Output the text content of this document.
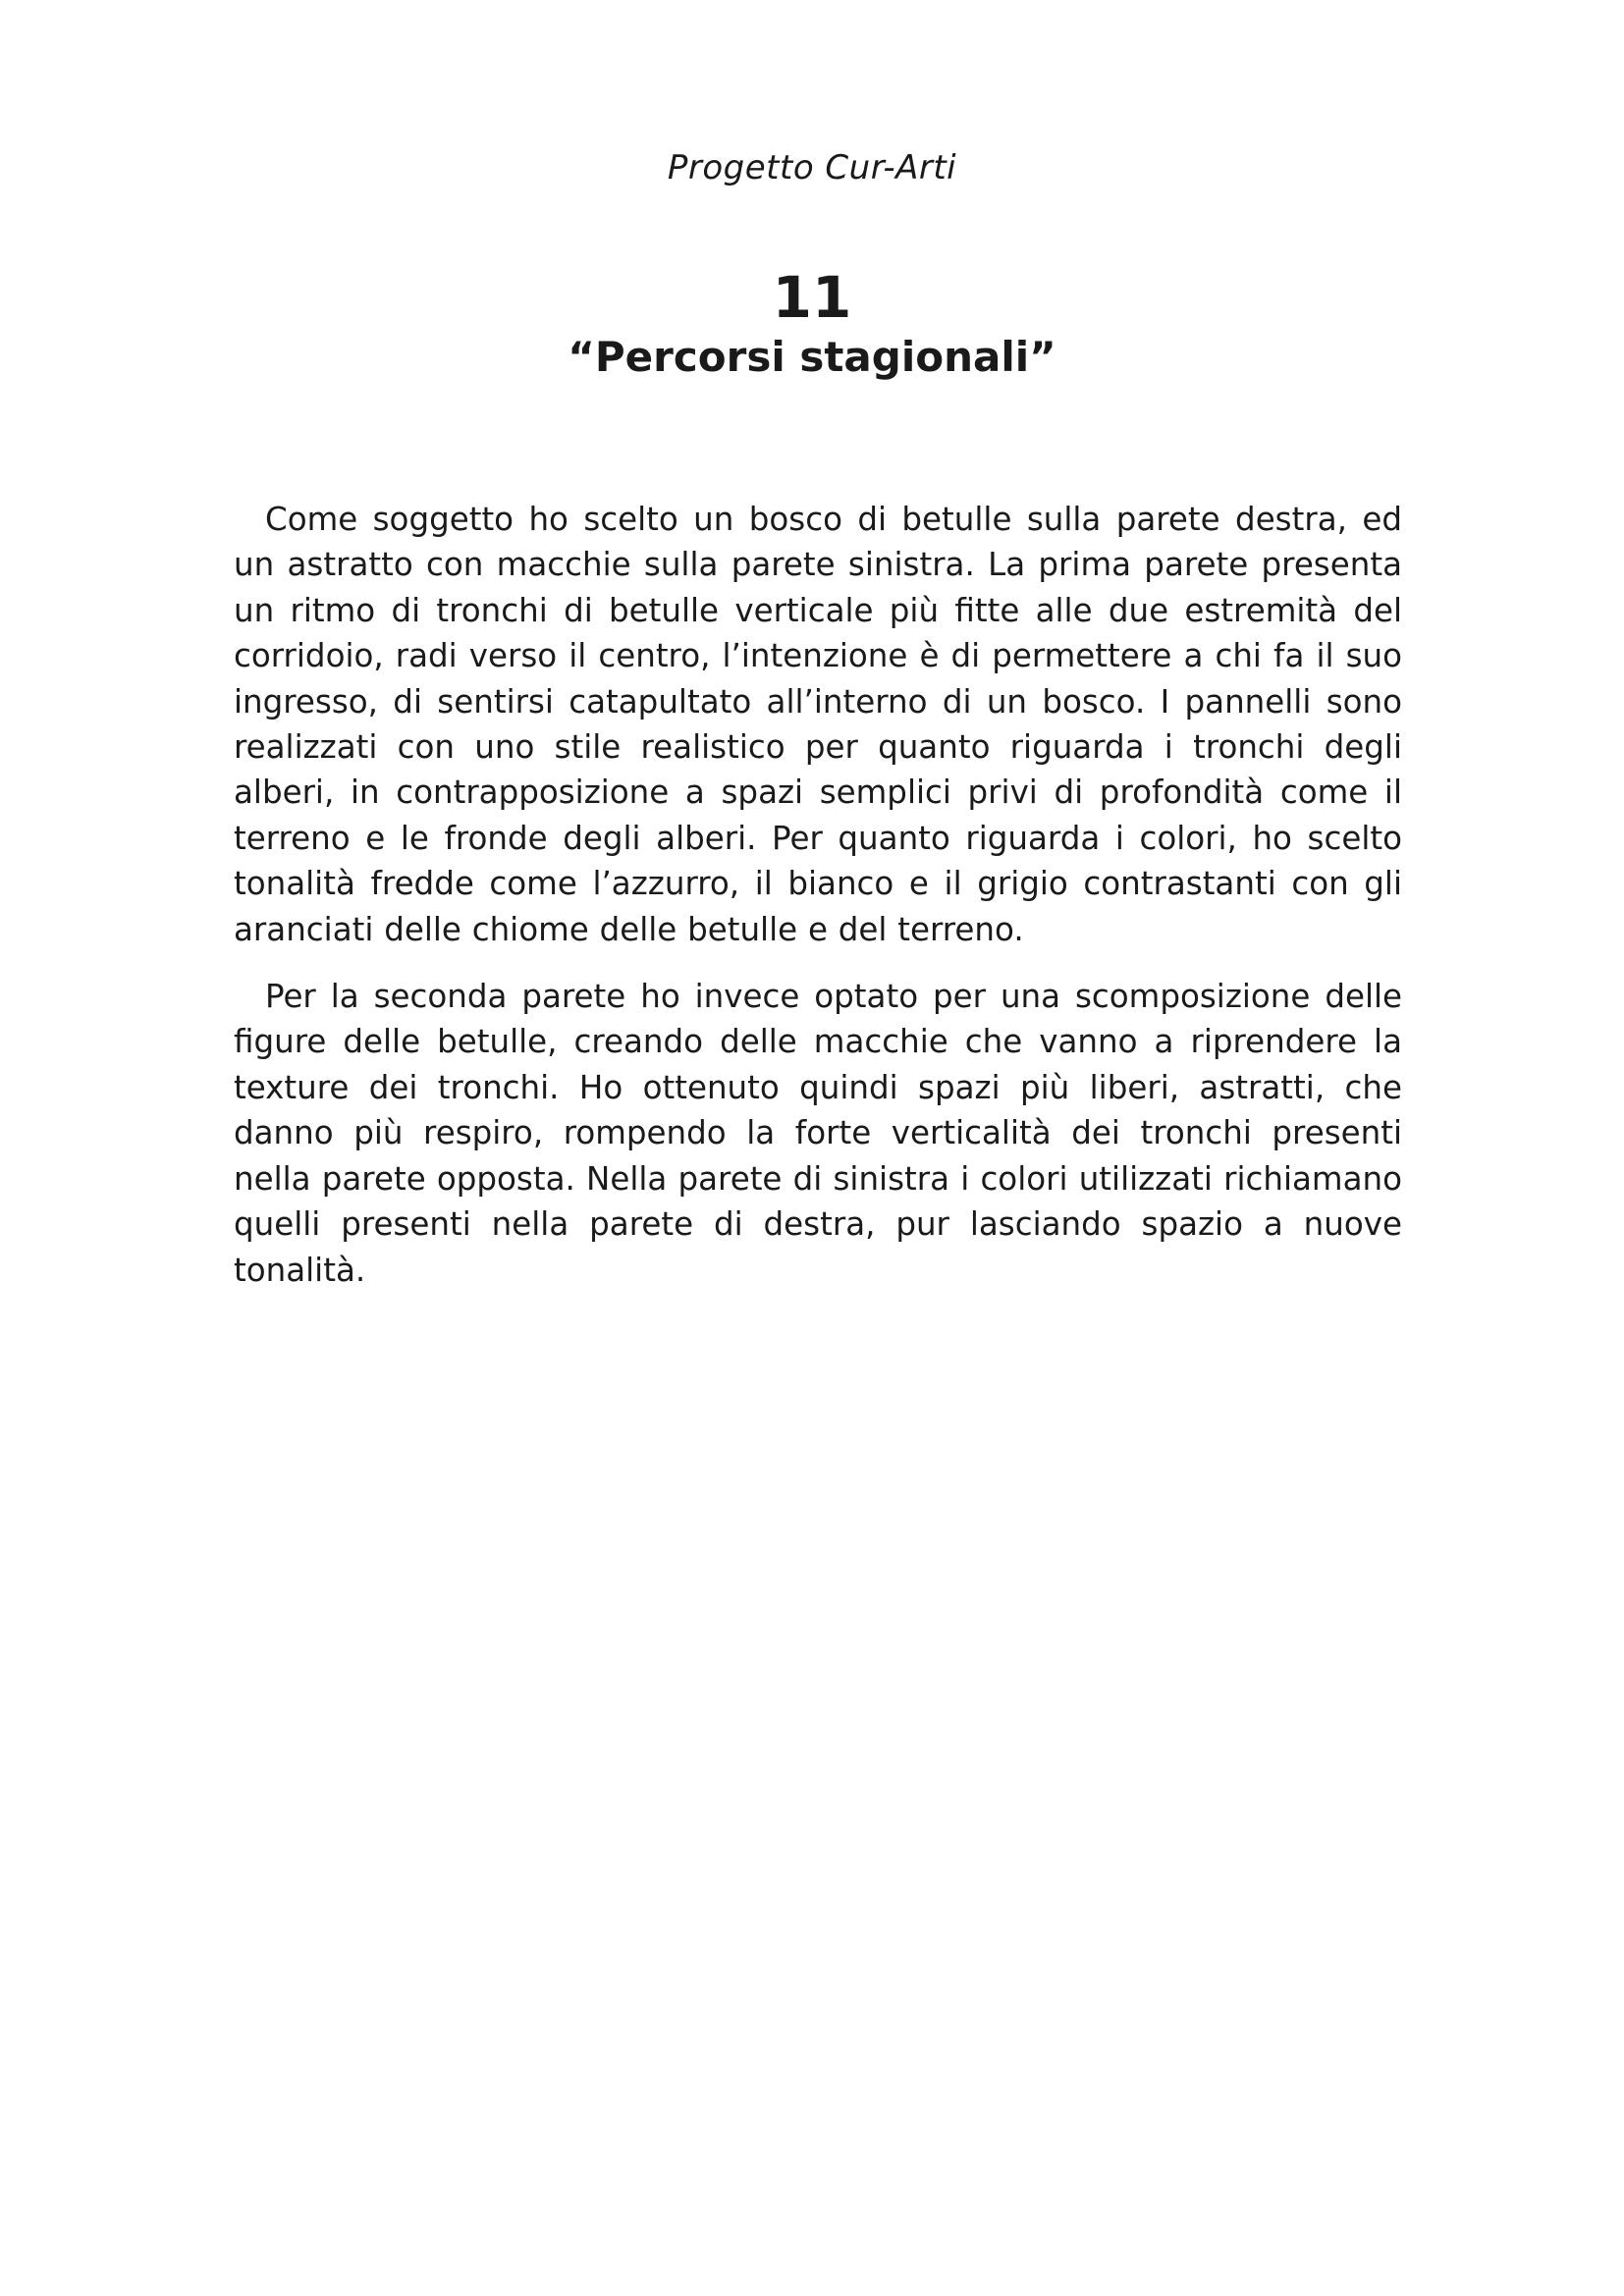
Progetto Cur-Arti
11
“Percorsi stagionali”

Come soggetto ho scelto un bosco di betulle sulla parete destra, ed un astratto con macchie sulla parete sinistra. La prima parete presenta un ritmo di tronchi di betulle verticale più fitte alle due estremità del corridoio, radi verso il centro, l’intenzione è di permettere a chi fa il suo ingresso, di sentirsi catapultato all’interno di un bosco. I pannelli sono realizzati con uno stile realistico per quanto riguarda i tronchi degli alberi, in contrapposizione a spazi semplici privi di profondità come il terreno e le fronde degli alberi. Per quanto riguarda i colori, ho scelto tonalità fredde come l’azzurro, il bianco e il grigio contrastanti con gli aranciati delle chiome delle betulle e del terreno.

Per la seconda parete ho invece optato per una scomposizione delle figure delle betulle, creando delle macchie che vanno a riprendere la texture dei tronchi. Ho ottenuto quindi spazi più liberi, astratti, che danno più respiro, rompendo la forte verticalità dei tronchi presenti nella parete opposta. Nella parete di sinistra i colori utilizzati richiamano quelli presenti nella parete di destra, pur lasciando spazio a nuove tonalità.
